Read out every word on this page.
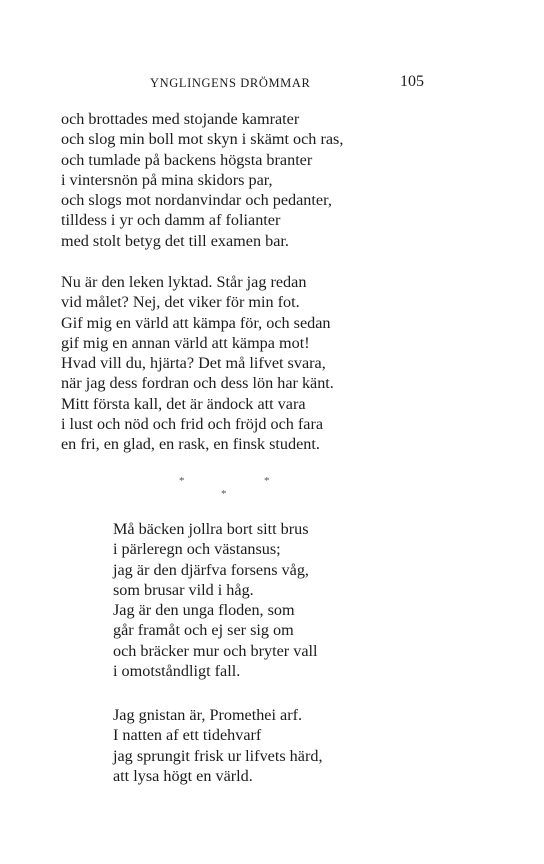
YNGLINGENS DRÖMMAR	105
och brottades med stojande kamrater
och slog min boll mot skyn i skämt och ras,
och tumlade på backens högsta branter
i vintersnön på mina skidors par,
och slogs mot nordanvindar och pedanter,
tilldess i yr och damm af folianter
med stolt betyg det till examen bar.
Nu är den leken lyktad. Står jag redan
vid målet? Nej, det viker för min fot.
Gif mig en värld att kämpa för, och sedan
gif mig en annan värld att kämpa mot!
Hvad vill du, hjärta? Det må lifvet svara,
när jag dess fordran och dess lön har känt.
Mitt första kall, det är ändock att vara
i lust och nöd och frid och fröjd och fara
en fri, en glad, en rask, en finsk student.
*	*
*
Må bäcken jollra bort sitt brus
i pärleregn och västansus;
jag är den djärfva forsens våg,
som brusar vild i håg.
Jag är den unga floden, som
går framåt och ej ser sig om
och bräcker mur och bryter vall
i omotståndligt fall.
Jag gnistan är, Promethei arf.
I natten af ett tidehvarf
jag sprungit frisk ur lifvets härd,
att lysa högt en värld.
